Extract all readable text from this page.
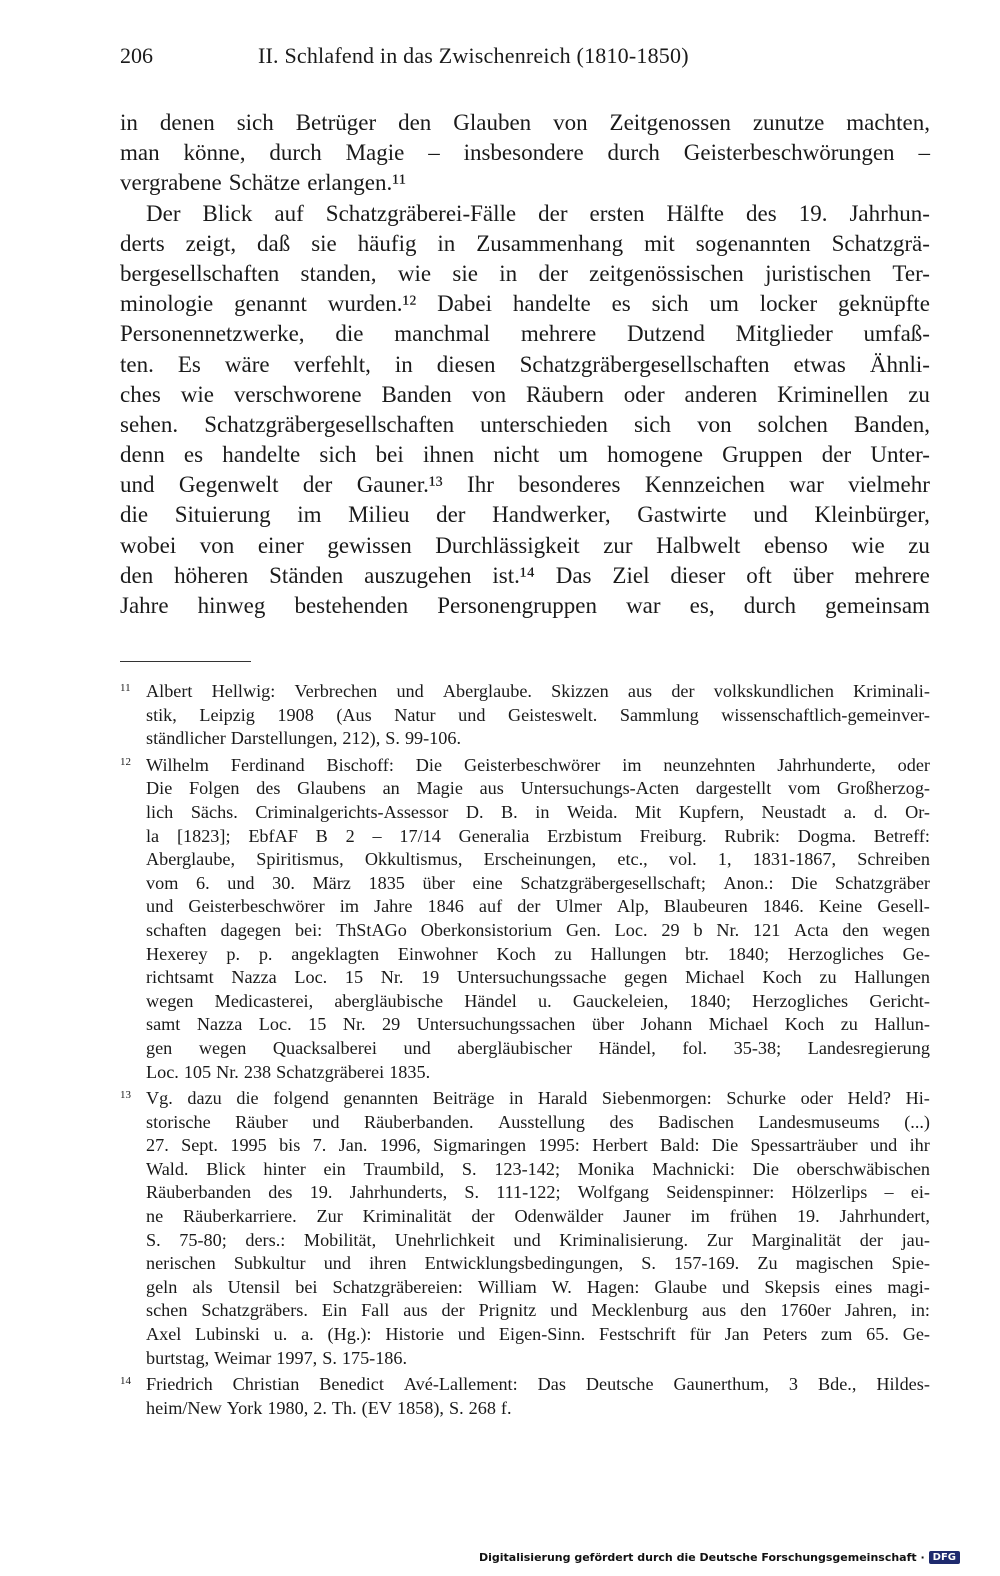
206	II. Schlafend in das Zwischenreich (1810-1850)
in denen sich Betrüger den Glauben von Zeitgenossen zunutze machten,
man könne, durch Magie – insbesondere durch Geisterbeschwörungen –
vergrabene Schätze erlangen.¹¹
Der Blick auf Schatzgräberei-Fälle der ersten Hälfte des 19. Jahrhun-
derts zeigt, daß sie häufig in Zusammenhang mit sogenannten Schatzgrä-
bergesellschaften standen, wie sie in der zeitgenössischen juristischen Ter-
minologie genannt wurden.¹² Dabei handelte es sich um locker geknüpfte
Personennetzwerke, die manchmal mehrere Dutzend Mitglieder umfaß-
ten. Es wäre verfehlt, in diesen Schatzgräbergesellschaften etwas Ähnli-
ches wie verschworene Banden von Räubern oder anderen Kriminellen zu
sehen. Schatzgräbergesellschaften unterschieden sich von solchen Banden,
denn es handelte sich bei ihnen nicht um homogene Gruppen der Unter-
und Gegenwelt der Gauner.¹³ Ihr besonderes Kennzeichen war vielmehr
die Situierung im Milieu der Handwerker, Gastwirte und Kleinbürger,
wobei von einer gewissen Durchlässigkeit zur Halbwelt ebenso wie zu
den höheren Ständen auszugehen ist.¹⁴ Das Ziel dieser oft über mehrere
Jahre hinweg bestehenden Personengruppen war es, durch gemeinsam
11 Albert Hellwig: Verbrechen und Aberglaube. Skizzen aus der volkskundlichen Kriminali-
stik, Leipzig 1908 (Aus Natur und Geisteswelt. Sammlung wissenschaftlich-gemeinver-
ständlicher Darstellungen, 212), S. 99-106.
12 Wilhelm Ferdinand Bischoff: Die Geisterbeschwörer im neunzehnten Jahrhunderte, oder
Die Folgen des Glaubens an Magie aus Untersuchungs-Acten dargestellt vom Großherzog-
lich Sächs. Criminalgerichts-Assessor D. B. in Weida. Mit Kupfern, Neustadt a. d. Or-
la [1823]; EbfAF B 2 – 17/14 Generalia Erzbistum Freiburg. Rubrik: Dogma. Betreff:
Aberglaube, Spiritismus, Okkultismus, Erscheinungen, etc., vol. 1, 1831-1867, Schreiben
vom 6. und 30. März 1835 über eine Schatzgräbergesellschaft; Anon.: Die Schatzgräber
und Geisterbeschwörer im Jahre 1846 auf der Ulmer Alp, Blaubeuren 1846. Keine Gesell-
schaften dagegen bei: ThStAGo Oberkonsistorium Gen. Loc. 29 b Nr. 121 Acta den wegen
Hexerey p. p. angeklagten Einwohner Koch zu Hallungen btr. 1840; Herzogliches Ge-
richtsamt Nazza Loc. 15 Nr. 19 Untersuchungssache gegen Michael Koch zu Hallungen
wegen Medicasterei, abergläubische Händel u. Gauckeleien, 1840; Herzogliches Gericht-
samt Nazza Loc. 15 Nr. 29 Untersuchungssachen über Johann Michael Koch zu Hallun-
gen wegen Quacksalberei und abergläubischer Händel, fol. 35-38; Landesregierung
Loc. 105 Nr. 238 Schatzgräberei 1835.
13 Vg. dazu die folgend genannten Beiträge in Harald Siebenmorgen: Schurke oder Held? Hi-
storische Räuber und Räuberbanden. Ausstellung des Badischen Landesmuseums (...)
27. Sept. 1995 bis 7. Jan. 1996, Sigmaringen 1995: Herbert Bald: Die Spessarträuber und ihr
Wald. Blick hinter ein Traumbild, S. 123-142; Monika Machnicki: Die oberschwäbischen
Räuberbanden des 19. Jahrhunderts, S. 111-122; Wolfgang Seidenspinner: Hölzerlips – ei-
ne Räuberkarriere. Zur Kriminalität der Odenwälder Jauner im frühen 19. Jahrhundert,
S. 75-80; ders.: Mobilität, Unehrlichkeit und Kriminalisierung. Zur Marginalität der jau-
nerischen Subkultur und ihren Entwicklungsbedingungen, S. 157-169. Zu magischen Spie-
geln als Utensil bei Schatzgräbereien: William W. Hagen: Glaube und Skepsis eines magi-
schen Schatzgräbers. Ein Fall aus der Prignitz und Mecklenburg aus den 1760er Jahren, in:
Axel Lubinski u. a. (Hg.): Historie und Eigen-Sinn. Festschrift für Jan Peters zum 65. Ge-
burtstag, Weimar 1997, S. 175-186.
14 Friedrich Christian Benedict Avé-Lallement: Das Deutsche Gaunerthum, 3 Bde., Hildes-
heim/New York 1980, 2. Th. (EV 1858), S. 268 f.
Digitalisierung gefördert durch die Deutsche Forschungsgemeinschaft · DFG
